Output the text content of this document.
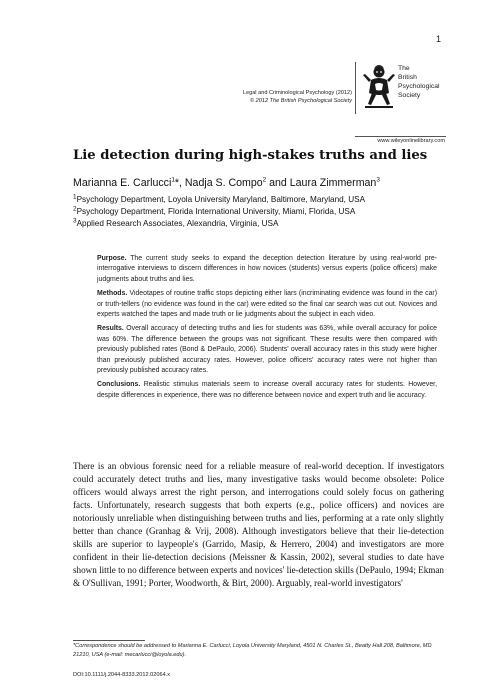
1
Legal and Criminological Psychology (2012)
© 2012 The British Psychological Society
The
British
Psychological
Society
www.wileyonlinelibrary.com
Lie detection during high-stakes truths and lies
Marianna E. Carlucci$^1$*, Nadja S. Compo$^2$ and Laura Zimmerman$^3$
$^1$Psychology Department, Loyola University Maryland, Baltimore, Maryland, USA
$^2$Psychology Department, Florida International University, Miami, Florida, USA
$^3$Applied Research Associates, Alexandria, Virginia, USA

Purpose. The current study seeks to expand the deception detection literature by using real-world pre-interrogative interviews to discern differences in how novices (students) versus experts (police officers) make judgments about truths and lies.

Methods. Videotapes of routine traffic stops depicting either liars (incriminating evidence was found in the car) or truth-tellers (no evidence was found in the car) were edited so the final car search was cut out. Novices and experts watched the tapes and made truth or lie judgments about the subject in each video.

Results. Overall accuracy of detecting truths and lies for students was 63%, while overall accuracy for police was 60%. The difference between the groups was not significant. These results were then compared with previously published rates (Bond & DePaulo, 2006). Students' overall accuracy rates in this study were higher than previously published accuracy rates. However, police officers' accuracy rates were not higher than previously published accuracy rates.

Conclusions. Realistic stimulus materials seem to increase overall accuracy rates for students. However, despite differences in experience, there was no difference between novice and expert truth and lie accuracy.

There is an obvious forensic need for a reliable measure of real-world deception. If investigators could accurately detect truths and lies, many investigative tasks would become obsolete: Police officers would always arrest the right person, and interrogations could solely focus on gathering facts. Unfortunately, research suggests that both experts (e.g., police officers) and novices are notoriously unreliable when distinguishing between truths and lies, performing at a rate only slightly better than chance (Granhag & Vrij, 2008). Although investigators believe that their lie-detection skills are superior to laypeople's (Garrido, Masip, & Herrero, 2004) and investigators are more confident in their lie-detection decisions (Meissner & Kassin, 2002), several studies to date have shown little to no difference between experts and novices' lie-detection skills (DePaulo, 1994; Ekman & O'Sullivan, 1991; Porter, Woodworth, & Birt, 2000). Arguably, real-world investigators'

*Correspondence should be addressed to Marianna E. Carlucci, Loyola University Maryland, 4501 N. Charles St., Beatty Hall 208, Baltimore, MD 21210, USA (e-mail: mecarlucci@loyola.edu).
DOI:10.1111/j.2044-8333.2012.02064.x
